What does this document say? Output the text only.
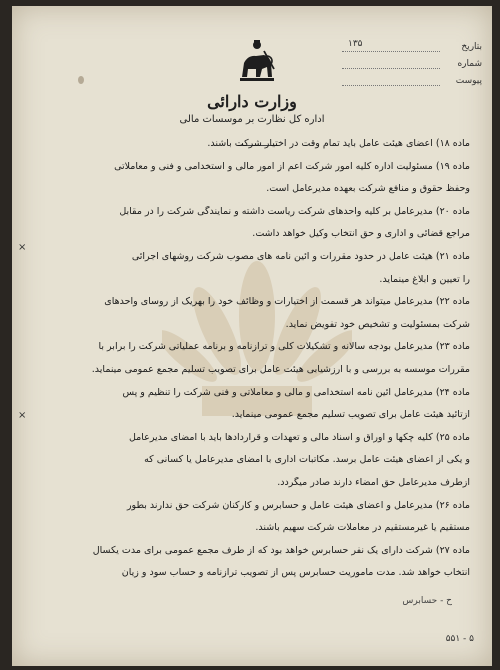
بتاریخ
۱۳۵
شماره
پیوست
وزارت دارائی
اداره کل نظارت بر موسسات مالی

ماده ۱۸) اعضای هیئت عامل باید تمام وقت در اختیار شرکت باشند.

ماده ۱۹) مسئولیت اداره کلیه امور شرکت اعم از امور مالی و استخدامی و فنی و معاملاتی

وحفظ حقوق و منافع شرکت بعهده مدیرعامل است.

ماده ۲۰) مدیرعامل بر کلیه واحدهای شرکت ریاست داشته و نمایندگی شرکت را در مقابل

مراجع قضائی و اداری و حق انتخاب وکیل خواهد داشت.

ماده ۲۱) هیئت عامل در حدود مقررات و آئین نامه های مصوب شرکت روشهای اجرائی

را تعیین و ابلاغ مینماید.

ماده ۲۲) مدیرعامل میتواند هر قسمت از اختیارات و وظائف خود را بهریک از روسای واحدهای

شرکت بمسئولیت و تشخیص خود تفویض نماید.

ماده ۲۳) مدیرعامل بودجه سالانه و تشکیلات کلی و ترازنامه و برنامه عملیاتی شرکت را برابر با

مقررات موسسه به بررسی و با ارزشیابی هیئت عامل برای تصویب تسلیم مجمع عمومی مینماید.

ماده ۲۴) مدیرعامل آئین نامه استخدامی و مالی و معاملاتی و فنی شرکت را تنظیم و پس

ازتائید هیئت عامل برای تصویب تسلیم مجمع عمومی مینماید.

ماده ۲۵) کلیه چکها و اوراق و اسناد مالی و تعهدات و قراردادها باید با امضای مدیرعامل

و یکی از اعضای هیئت عامل برسد. مکاتبات اداری با امضای مدیرعامل یا کسانی که

ازطرف مدیرعامل حق امضاء دارند صادر میگردد.

ماده ۲۶) مدیرعامل و اعضای هیئت عامل و حسابرس و کارکنان شرکت حق ندارند بطور

مستقیم یا غیرمستقیم در معاملات شرکت سهیم باشند.

ماده ۲۷) شرکت دارای یک نفر حسابرس خواهد بود که از طرف مجمع عمومی برای مدت یکسال

انتخاب خواهد شد. مدت ماموریت حسابرس پس از تصویب ترازنامه و حساب سود و زیان

×
×
ح - حسابرس
۵۵۱ - ۵
